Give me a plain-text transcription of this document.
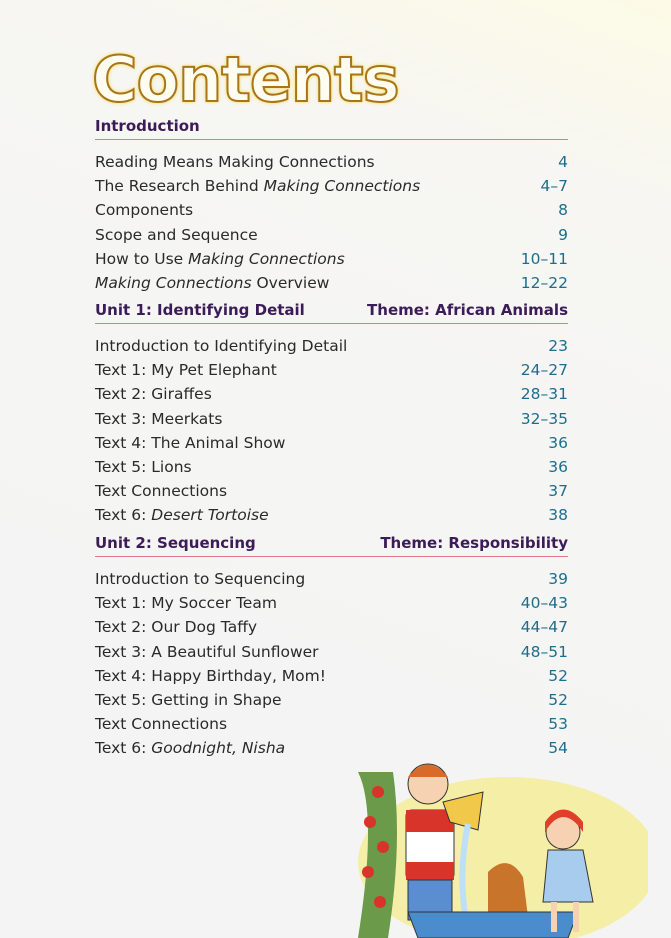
Contents
Introduction
Reading Means Making Connections	4
The Research Behind Making Connections	4–7
Components	8
Scope and Sequence	9
How to Use Making Connections	10–11
Making Connections Overview	12–22
Unit 1: Identifying Detail	Theme: African Animals
Introduction to Identifying Detail	23
Text 1: My Pet Elephant	24–27
Text 2: Giraffes	28–31
Text 3: Meerkats	32–35
Text 4: The Animal Show	36
Text 5: Lions	36
Text Connections	37
Text 6: Desert Tortoise	38
Unit 2: Sequencing	Theme: Responsibility
Introduction to Sequencing	39
Text 1: My Soccer Team	40–43
Text 2: Our Dog Taffy	44–47
Text 3: A Beautiful Sunflower	48–51
Text 4: Happy Birthday, Mom!	52
Text 5: Getting in Shape	52
Text Connections	53
Text 6: Goodnight, Nisha	54
